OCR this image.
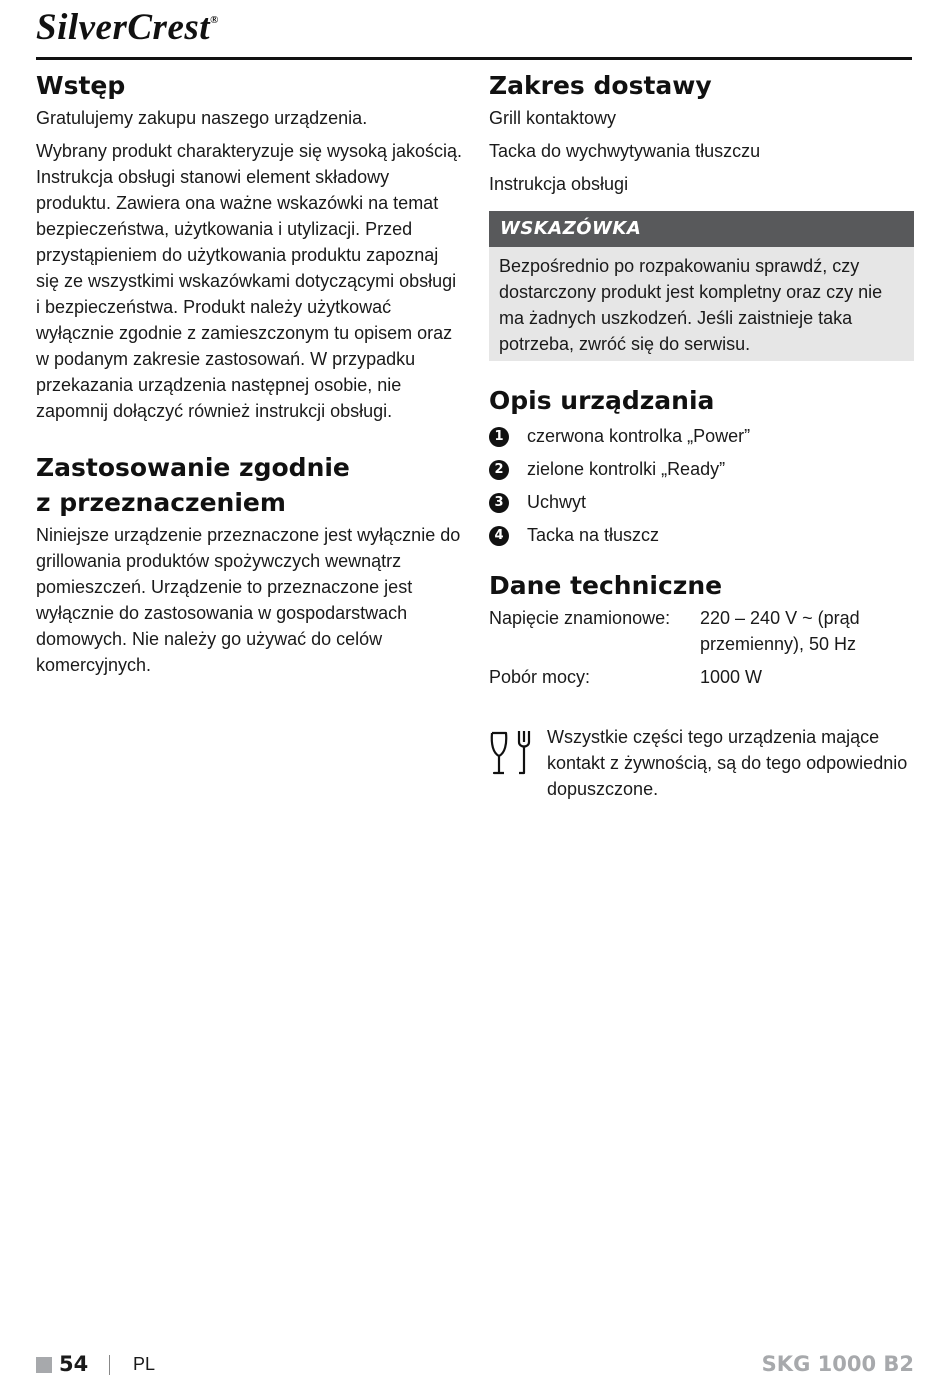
SilverCrest®
Wstęp

Gratulujemy zakupu naszego urządzenia.

Wybrany produkt charakteryzuje się wysoką jakością. Instrukcja obsługi stanowi element składowy produktu. Zawiera ona ważne wskazówki na temat bezpieczeństwa, użytkowania i utylizacji. Przed przystąpieniem do użytkowania produktu zapoznaj się ze wszystkimi wskazówkami dotyczącymi obsługi i bezpieczeństwa. Produkt należy użytkować wyłącznie zgodnie z zamieszczonym tu opisem oraz w podanym zakresie zastosowań. W przypadku przekazania urządzenia następnej osobie, nie zapomnij dołączyć również instrukcji obsługi.

Zastosowanie zgodnie
z przeznaczeniem

Niniejsze urządzenie przeznaczone jest wyłącznie do grillowania produktów spożywczych wewnątrz pomieszczeń. Urządzenie to przeznaczone jest wyłącznie do zastosowania w gospodarstwach domowych. Nie należy go używać do celów komercyjnych.

Zakres dostawy
Grill kontaktowy
Tacka do wychwytywania tłuszczu
Instrukcja obsługi
WSKAZÓWKA
Bezpośrednio po rozpakowaniu sprawdź, czy dostarczony produkt jest kompletny oraz czy nie ma żadnych uszkodzeń. Jeśli zaistnieje taka potrzeba, zwróć się do serwisu.
Opis urządzania
1	czerwona kontrolka „Power”
2	zielone kontrolki „Ready”
3	Uchwyt
4	Tacka na tłuszcz
Dane techniczne
Napięcie znamionowe:	220 – 240 V ~ (prąd przemienny), 50 Hz
Pobór mocy:	1000 W
Wszystkie części tego urządzenia mające kontakt z żywnością, są do tego odpowiednio dopuszczone.
54 PL	SKG 1000 B2
